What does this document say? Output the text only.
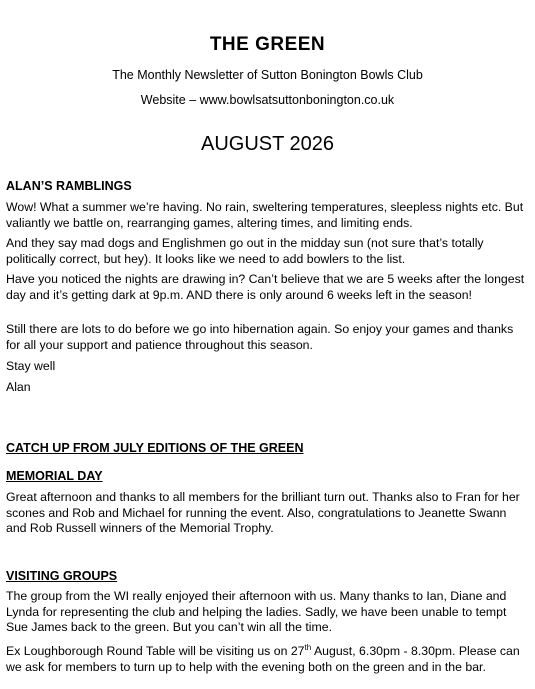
THE GREEN
The Monthly Newsletter of Sutton Bonington Bowls Club
Website – www.bowlsatsuttonbonington.co.uk
AUGUST 2026
ALAN’S RAMBLINGS

Wow! What a summer we’re having. No rain, sweltering temperatures, sleepless nights etc. But valiantly we battle on, rearranging games, altering times, and limiting ends.

And they say mad dogs and Englishmen go out in the midday sun (not sure that’s totally politically correct, but hey). It looks like we need to add bowlers to the list.

Have you noticed the nights are drawing in? Can’t believe that we are 5 weeks after the longest day and it’s getting dark at 9p.m. AND there is only around 6 weeks left in the season!

Still there are lots to do before we go into hibernation again. So enjoy your games and thanks for all your support and patience throughout this season.

Stay well
Alan
CATCH UP FROM JULY EDITIONS OF THE GREEN
MEMORIAL DAY

Great afternoon and thanks to all members for the brilliant turn out. Thanks also to Fran for her scones and Rob and Michael for running the event. Also, congratulations to Jeanette Swann and Rob Russell winners of the Memorial Trophy.

VISITING GROUPS

The group from the WI really enjoyed their afternoon with us. Many thanks to Ian, Diane and Lynda for representing the club and helping the ladies. Sadly, we have been unable to tempt Sue James back to the green. But you can’t win all the time.

Ex Loughborough Round Table will be visiting us on 27th August, 6.30pm - 8.30pm. Please can we ask for members to turn up to help with the evening both on the green and in the bar.
